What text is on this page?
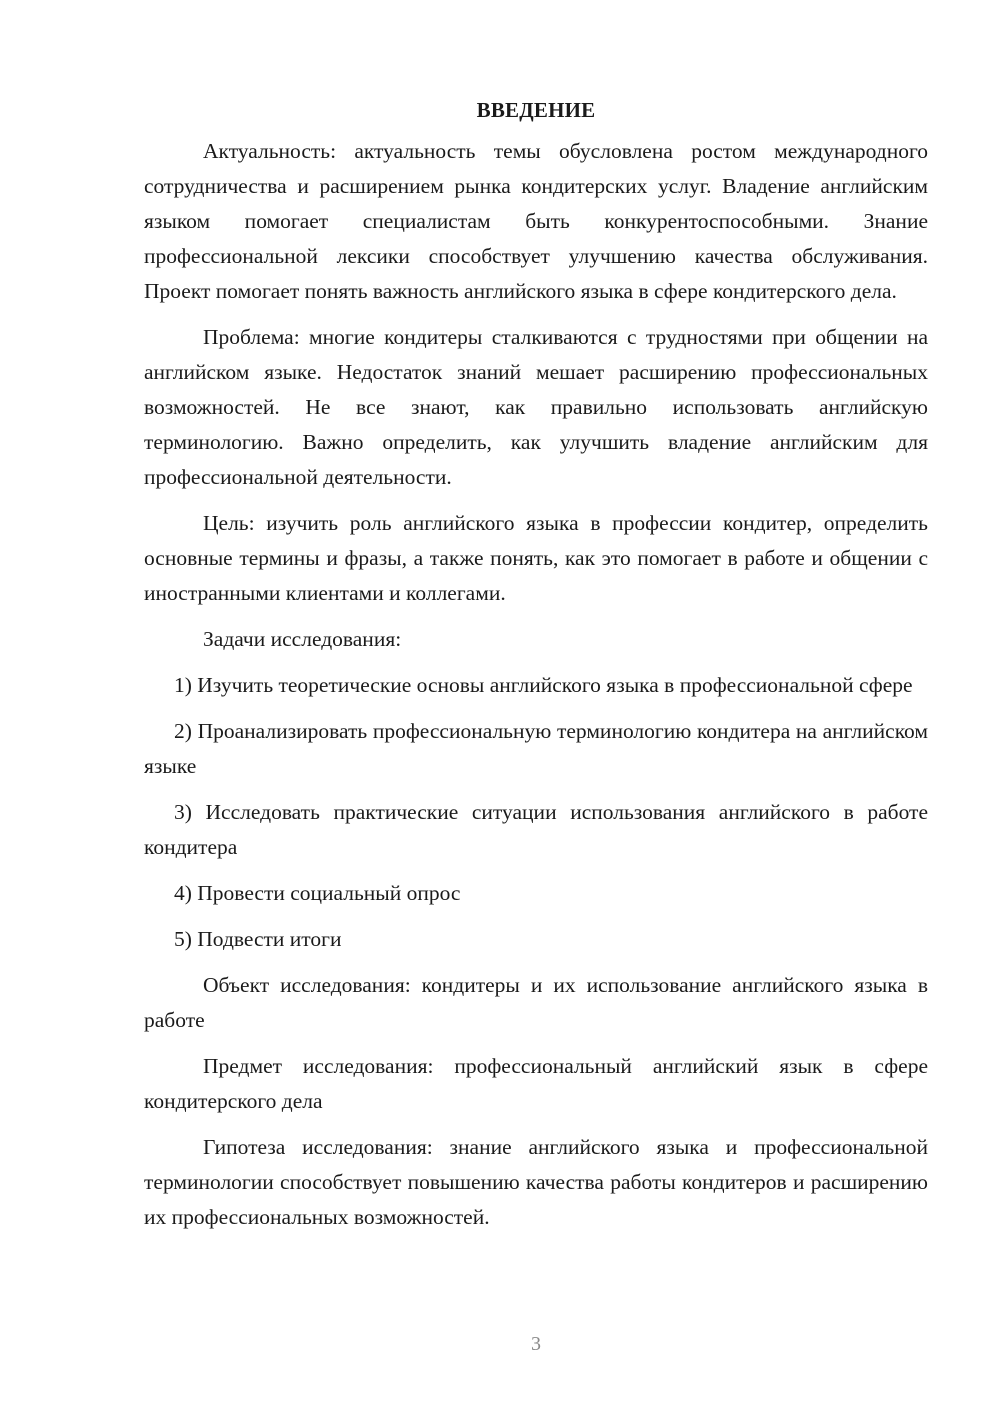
ВВЕДЕНИЕ

Актуальность: актуальность темы обусловлена ростом международного сотрудничества и расширением рынка кондитерских услуг. Владение английским языком помогает специалистам быть конкурентоспособными. Знание профессиональной лексики способствует улучшению качества обслуживания. Проект помогает понять важность английского языка в сфере кондитерского дела.

Проблема: многие кондитеры сталкиваются с трудностями при общении на английском языке. Недостаток знаний мешает расширению профессиональных возможностей. Не все знают, как правильно использовать английскую терминологию. Важно определить, как улучшить владение английским для профессиональной деятельности.

Цель: изучить роль английского языка в профессии кондитер, определить основные термины и фразы, а также понять, как это помогает в работе и общении с иностранными клиентами и коллегами.

Задачи исследования:

1) Изучить теоретические основы английского языка в профессиональной сфере

2) Проанализировать профессиональную терминологию кондитера на английском языке

3) Исследовать практические ситуации использования английского в работе кондитера

4) Провести социальный опрос

5) Подвести итоги

Объект исследования: кондитеры и их использование английского языка в работе

Предмет исследования: профессиональный английский язык в сфере кондитерского дела

Гипотеза исследования: знание английского языка и профессиональной терминологии способствует повышению качества работы кондитеров и расширению их профессиональных возможностей.

3
